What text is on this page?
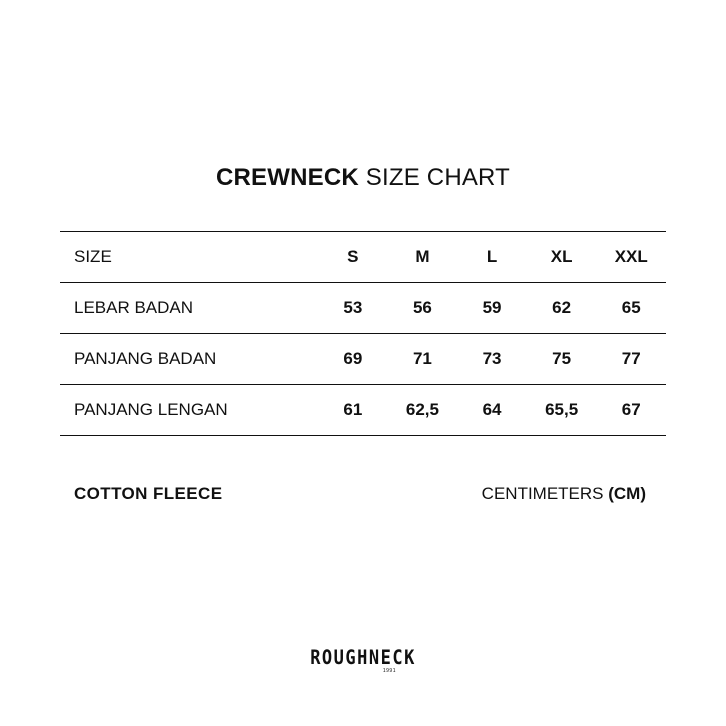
CREWNECK SIZE CHART
SIZE	S	M	L	XL	XXL
LEBAR BADAN	53	56	59	62	65
PANJANG BADAN	69	71	73	75	77
PANJANG LENGAN	61	62,5	64	65,5	67
COTTON FLEECE	CENTIMETERS (CM)
ROUGHNECK
1991
